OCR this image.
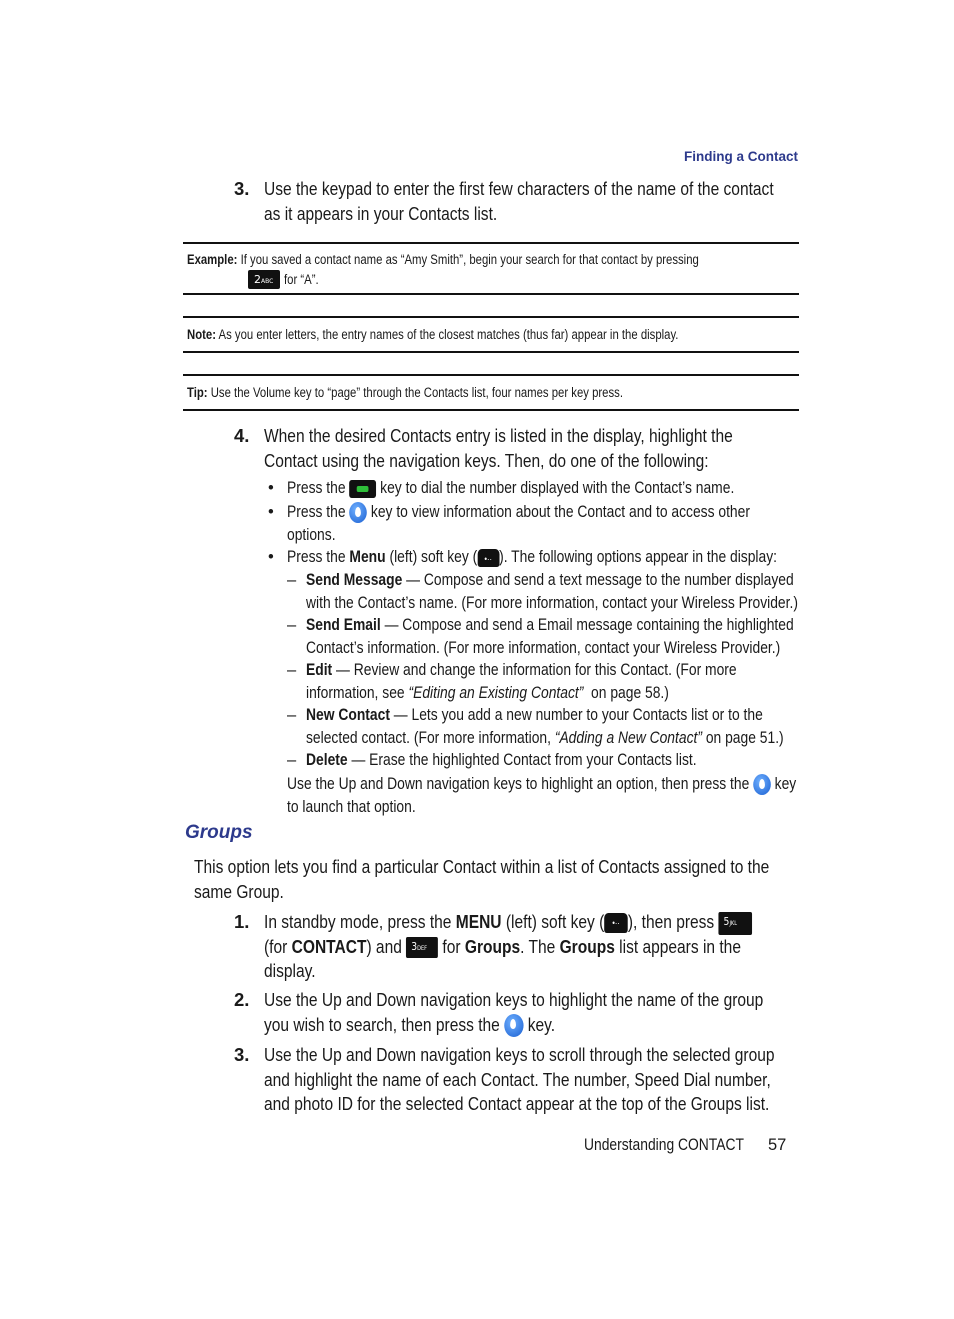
Finding a Contact
3. Use the keypad to enter the first few characters of the name of the contact
as it appears in your Contacts list.
Example: If you saved a contact name as “Amy Smith”, begin your search for that contact by pressing
2ABC for “A”.
Note: As you enter letters, the entry names of the closest matches (thus far) appear in the display.
Tip: Use the Volume key to “page” through the Contacts list, four names per key press.
4. When the desired Contacts entry is listed in the display, highlight the
Contact using the navigation keys. Then, do one of the following:
• Press the key to dial the number displayed with the Contact’s name.
• Press the key to view information about the Contact and to access other
options.
• Press the Menu (left) soft key ( •·· ). The following options appear in the display:
– Send Message — Compose and send a text message to the number displayed
with the Contact’s name. (For more information, contact your Wireless Provider.)
– Send Email — Compose and send a Email message containing the highlighted
Contact’s information. (For more information, contact your Wireless Provider.)
– Edit — Review and change the information for this Contact. (For more
information, see “Editing an Existing Contact” on page 58.)
– New Contact — Lets you add a new number to your Contacts list or to the
selected contact. (For more information, “Adding a New Contact” on page 51.)
– Delete — Erase the highlighted Contact from your Contacts list.
Use the Up and Down navigation keys to highlight an option, then press the key
to launch that option.
Groups
This option lets you find a particular Contact within a list of Contacts assigned to the
same Group.
1. In standby mode, press the MENU (left) soft key ( •·· ), then press 5JKL
(for CONTACT) and 3DEF for Groups. The Groups list appears in the
display.
2. Use the Up and Down navigation keys to highlight the name of the group
you wish to search, then press the key.
3. Use the Up and Down navigation keys to scroll through the selected group
and highlight the name of each Contact. The number, Speed Dial number,
and photo ID for the selected Contact appear at the top of the Groups list.
Understanding CONTACT	57
